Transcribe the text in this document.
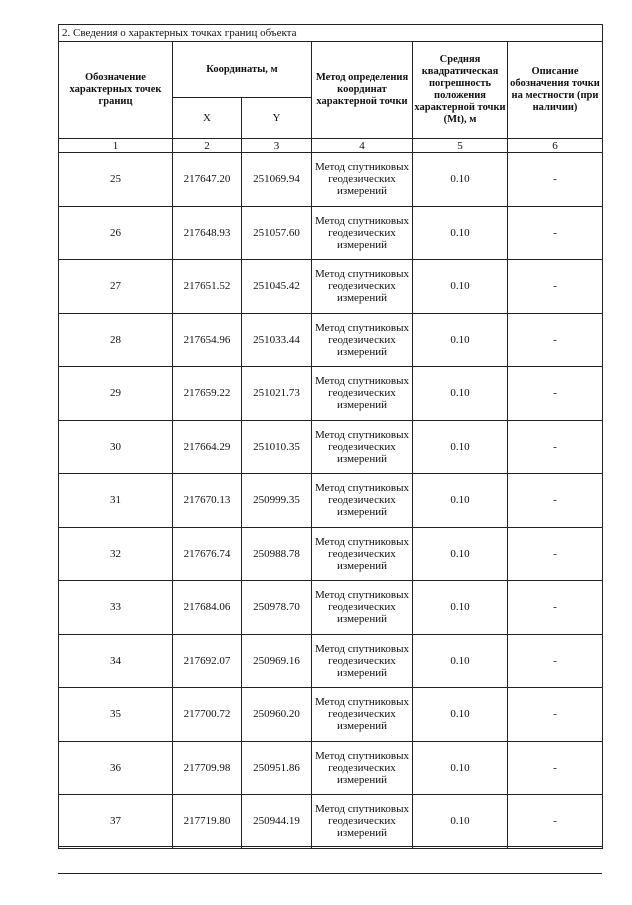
2. Сведения о характерных точках границ объекта					
Обозначение характерных точек границ	Координаты, м		Метод определения координат характерной точки	Средняя квадратическая погрешность положения характерной точки (Мt), м	Описание обозначения точки на местности (при наличии)
	X	Y			
1	2	3	4	5	6
25	217647.20	251069.94	Метод спутниковых геодезических измерений	0.10	-
26	217648.93	251057.60	Метод спутниковых геодезических измерений	0.10	-
27	217651.52	251045.42	Метод спутниковых геодезических измерений	0.10	-
28	217654.96	251033.44	Метод спутниковых геодезических измерений	0.10	-
29	217659.22	251021.73	Метод спутниковых геодезических измерений	0.10	-
30	217664.29	251010.35	Метод спутниковых геодезических измерений	0.10	-
31	217670.13	250999.35	Метод спутниковых геодезических измерений	0.10	-
32	217676.74	250988.78	Метод спутниковых геодезических измерений	0.10	-
33	217684.06	250978.70	Метод спутниковых геодезических измерений	0.10	-
34	217692.07	250969.16	Метод спутниковых геодезических измерений	0.10	-
35	217700.72	250960.20	Метод спутниковых геодезических измерений	0.10	-
36	217709.98	250951.86	Метод спутниковых геодезических измерений	0.10	-
37	217719.80	250944.19	Метод спутниковых геодезических измерений	0.10	-
